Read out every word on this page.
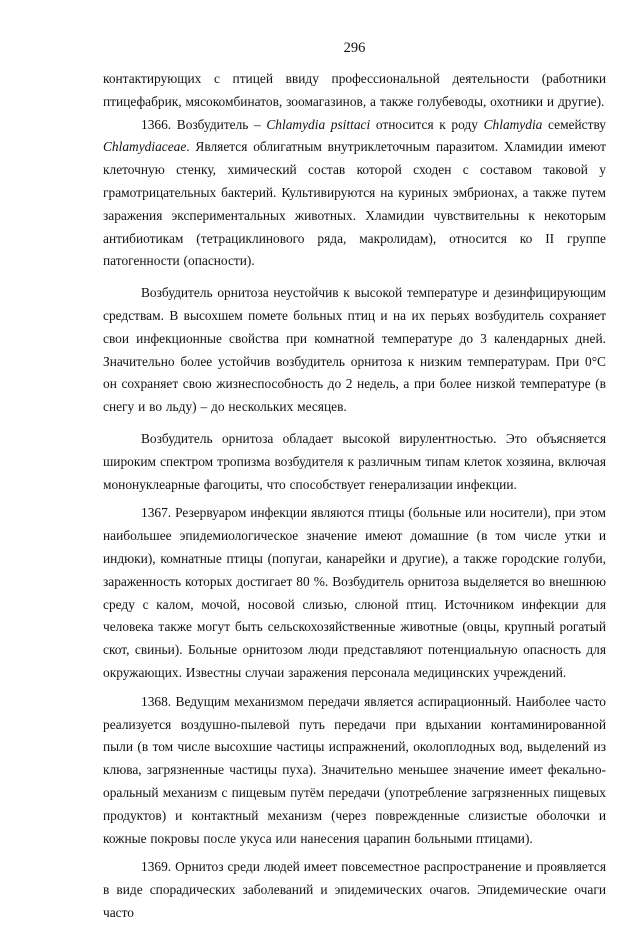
296

контактирующих с птицей ввиду профессиональной деятельности (работники птицефабрик, мясокомбинатов, зоомагазинов, а также голубеводы, охотники и другие).

1366. Возбудитель – Chlamydia psittaci относится к роду Chlamydia семейству Chlamydiaceae. Является облигатным внутриклеточным паразитом. Хламидии имеют клеточную стенку, химический состав которой сходен с составом таковой у грамотрицательных бактерий. Культивируются на куриных эмбрионах, а также путем заражения экспериментальных животных. Хламидии чувствительны к некоторым антибиотикам (тетрациклинового ряда, макролидам), относится ко II группе патогенности (опасности).

Возбудитель орнитоза неустойчив к высокой температуре и дезинфицирующим средствам. В высохшем помете больных птиц и на их перьях возбудитель сохраняет свои инфекционные свойства при комнатной температуре до 3 календарных дней. Значительно более устойчив возбудитель орнитоза к низким температурам. При 0°С он сохраняет свою жизнеспособность до 2 недель, а при более низкой температуре (в снегу и во льду) – до нескольких месяцев.

Возбудитель орнитоза обладает высокой вирулентностью. Это объясняется широким спектром тропизма возбудителя к различным типам клеток хозяина, включая мононуклеарные фагоциты, что способствует генерализации инфекции.

1367. Резервуаром инфекции являются птицы (больные или носители), при этом наибольшее эпидемиологическое значение имеют домашние (в том числе утки и индюки), комнатные птицы (попугаи, канарейки и другие), а также городские голуби, зараженность которых достигает 80 %. Возбудитель орнитоза выделяется во внешнюю среду с калом, мочой, носовой слизью, слюной птиц. Источником инфекции для человека также могут быть сельскохозяйственные животные (овцы, крупный рогатый скот, свиньи). Больные орнитозом люди представляют потенциальную опасность для окружающих. Известны случаи заражения персонала медицинских учреждений.

1368. Ведущим механизмом передачи является аспирационный. Наиболее часто реализуется воздушно-пылевой путь передачи при вдыхании контаминированной пыли (в том числе высохшие частицы испражнений, околоплодных вод, выделений из клюва, загрязненные частицы пуха). Значительно меньшее значение имеет фекально-оральный механизм с пищевым путём передачи (употребление загрязненных пищевых продуктов) и контактный механизм (через поврежденные слизистые оболочки и кожные покровы после укуса или нанесения царапин больными птицами).

1369. Орнитоз среди людей имеет повсеместное распространение и проявляется в виде спорадических заболеваний и эпидемических очагов. Эпидемические очаги часто
